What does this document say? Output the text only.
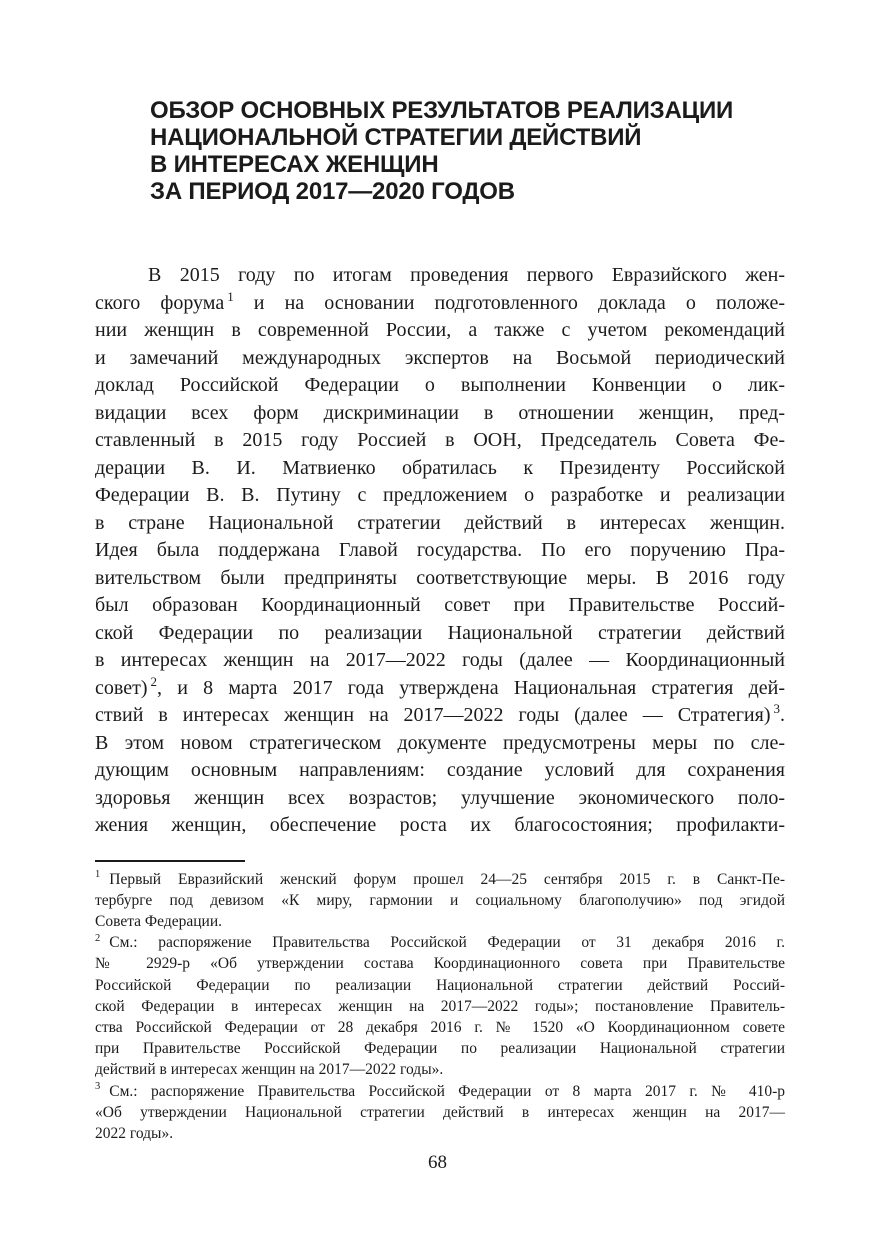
ОБЗОР ОСНОВНЫХ РЕЗУЛЬТАТОВ РЕАЛИЗАЦИИ
НАЦИОНАЛЬНОЙ СТРАТЕГИИ ДЕЙСТВИЙ
В ИНТЕРЕСАХ ЖЕНЩИН
ЗА ПЕРИОД 2017—2020 ГОДОВ
В 2015 году по итогам проведения первого Евразийского жен-
ского форума $^1$ и на основании подготовленного доклада о положе-
нии женщин в современной России, а также с учетом рекомендаций
и замечаний международных экспертов на Восьмой периодический
доклад Российской Федерации о выполнении Конвенции о лик-
видации всех форм дискриминации в отношении женщин, пред-
ставленный в 2015 году Россией в ООН, Председатель Совета Фе-
дерации В. И. Матвиенко обратилась к Президенту Российской
Федерации В. В. Путину с предложением о разработке и реализации
в стране Национальной стратегии действий в интересах женщин.
Идея была поддержана Главой государства. По его поручению Пра-
вительством были предприняты соответствующие меры. В 2016 году
был образован Координационный совет при Правительстве Россий-
ской Федерации по реализации Национальной стратегии действий
в интересах женщин на 2017—2022 годы (далее — Координационный
совет) $^2$, и 8 марта 2017 года утверждена Национальная стратегия дей-
ствий в интересах женщин на 2017—2022 годы (далее — Стратегия) $^3$.
В этом новом стратегическом документе предусмотрены меры по сле-
дующим основным направлениям: создание условий для сохранения
здоровья женщин всех возрастов; улучшение экономического поло-
жения женщин, обеспечение роста их благосостояния; профилакти-
$^1$ Первый Евразийский женский форум прошел 24—25 сентября 2015 г. в Санкт-Пе-
тербурге под девизом «К миру, гармонии и социальному благополучию» под эгидой
Совета Федерации.
$^2$ См.: распоряжение Правительства Российской Федерации от 31 декабря 2016 г.
№ 2929-р «Об утверждении состава Координационного совета при Правительстве
Российской Федерации по реализации Национальной стратегии действий Россий-
ской Федерации в интересах женщин на 2017—2022 годы»; постановление Правитель-
ства Российской Федерации от 28 декабря 2016 г. № 1520 «О Координационном совете
при Правительстве Российской Федерации по реализации Национальной стратегии
действий в интересах женщин на 2017—2022 годы».
$^3$ См.: распоряжение Правительства Российской Федерации от 8 марта 2017 г. № 410-р
«Об утверждении Национальной стратегии действий в интересах женщин на 2017—
2022 годы».
68
